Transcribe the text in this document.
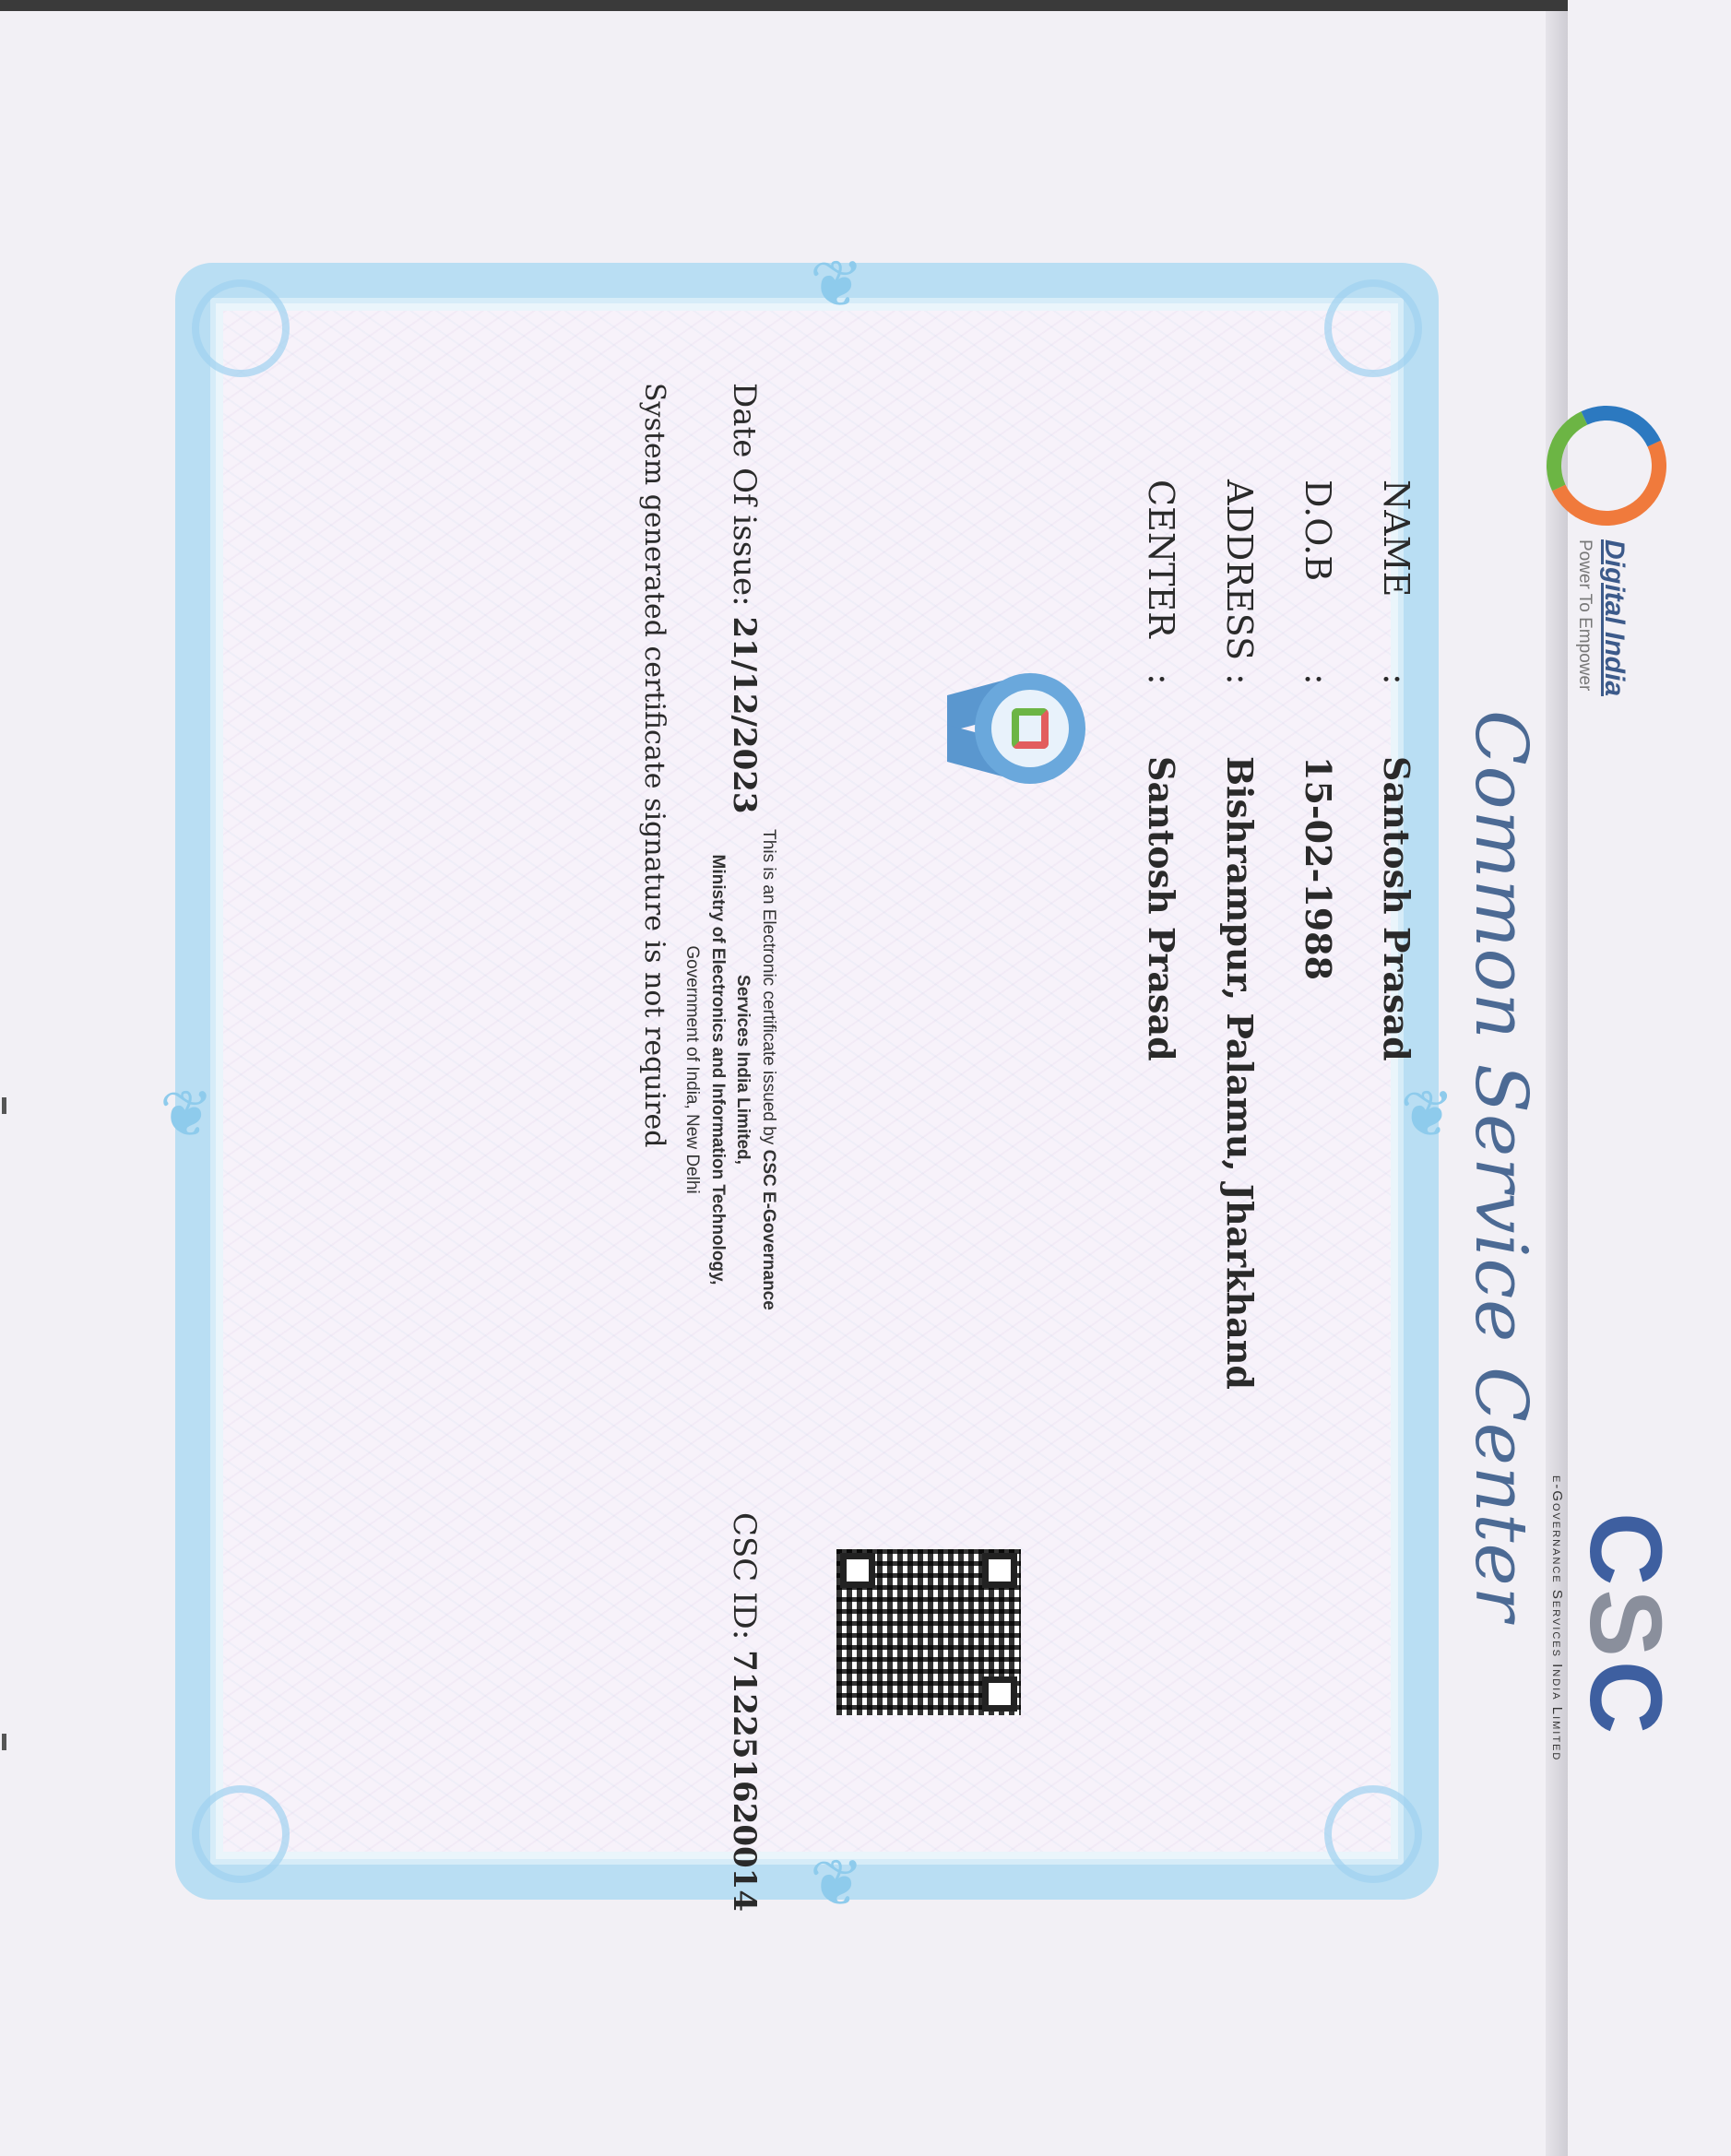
❦
❦
❦	❦
Digital India
Power To Empower
CSC
e-Governance Services India Limited
Common Service Center
NAME:Santosh Prasad
D.O.B:15-02-1988
ADDRESS:Bishrampur, Palamu, Jharkhand
CENTER:Santosh Prasad
Date Of issue: 21/12/2023
This is an Electronic certificate issued by CSC E-Governance Services India Limited,
Ministry of Electronics and Information Technology,
Government of India, New Delhi
CSC ID: 712251620014
System generated certificate signature is not required
